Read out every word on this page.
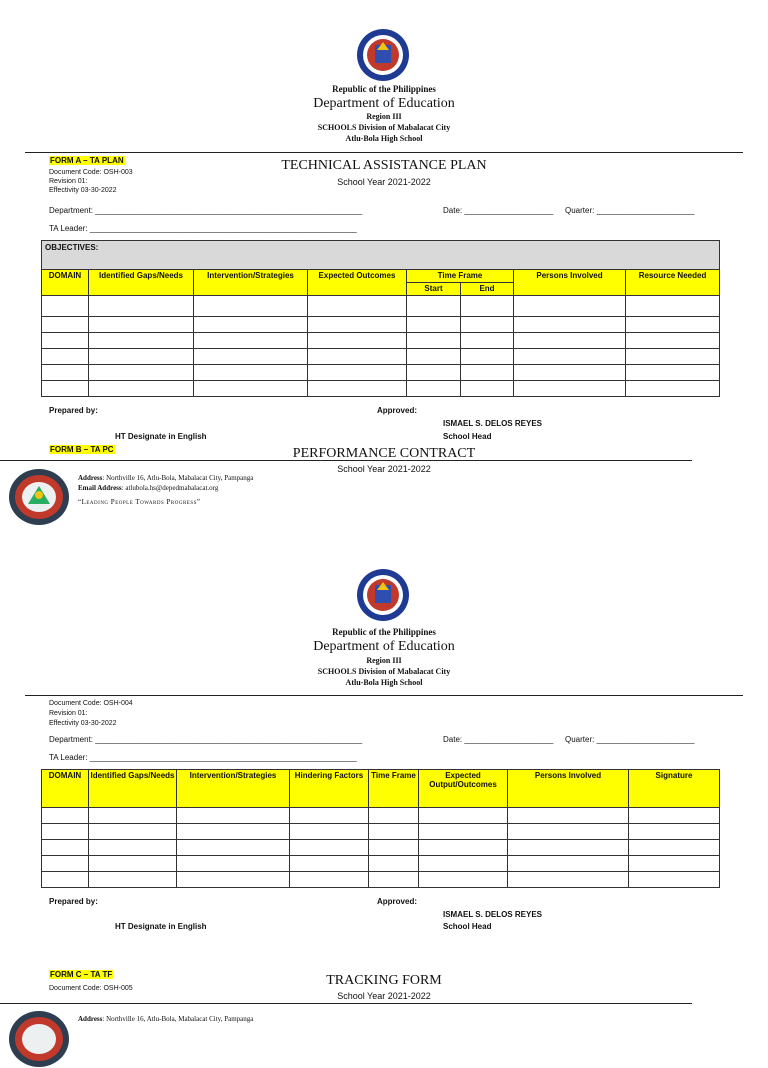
Republic of the Philippines
Department of Education
Region III
SCHOOLS Division of Mabalacat City
Atlu-Bola High School
FORM A – TA PLAN
Document Code: OSH-003
Revision 01:
Effectivity 03-30-2022
TECHNICAL ASSISTANCE PLAN
School Year 2021-2022
Department: ____________________________________________________________	Date: ____________________ Quarter: ______________________
TA Leader: ____________________________________________________________
OBJECTIVES:							
DOMAIN	Identified Gaps/Needs	Intervention/Strategies	Expected Outcomes	Time Frame		Persons Involved	Resource Needed
				Start	End		

Prepared by:	Approved:
ISMAEL S. DELOS REYES
HT Designate in English	School Head
FORM B – TA PC	PERFORMANCE CONTRACT
School Year 2021-2022
Address: Northville 16, Atlu-Bola, Mabalacat City, Pampanga
Email Address: atlubola.hs@depedmabalacat.org
“Leading People Towards Progress”
Republic of the Philippines
Department of Education
Region III
SCHOOLS Division of Mabalacat City
Atlu-Bola High School
Document Code: OSH-004
Revision 01:
Effectivity 03-30-2022
Department: ____________________________________________________________	Date: ____________________ Quarter: ______________________
TA Leader: ____________________________________________________________
DOMAIN	Identified Gaps/Needs	Intervention/Strategies	Hindering Factors	Time Frame	Expected Output/Outcomes	Persons Involved	Signature

Prepared by:	Approved:
ISMAEL S. DELOS REYES
HT Designate in English	School Head
FORM C – TA TF
Document Code: OSH-005
TRACKING FORM
School Year 2021-2022
Address: Northville 16, Atlu-Bola, Mabalacat City, Pampanga
